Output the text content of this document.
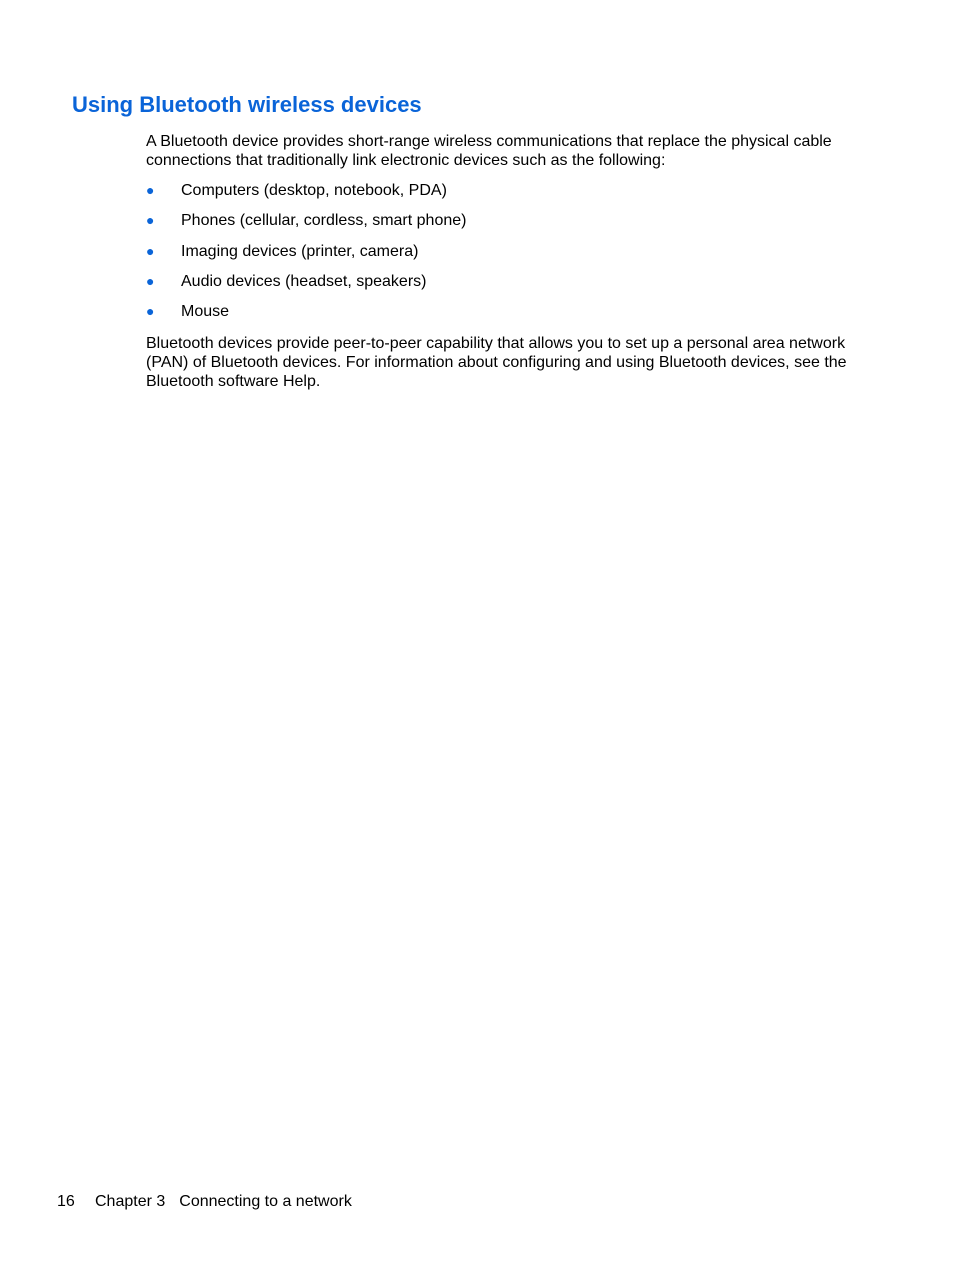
Using Bluetooth wireless devices

A Bluetooth device provides short-range wireless communications that replace the physical cable connections that traditionally link electronic devices such as the following:

● Computers (desktop, notebook, PDA)
● Phones (cellular, cordless, smart phone)
● Imaging devices (printer, camera)
● Audio devices (headset, speakers)
● Mouse

Bluetooth devices provide peer-to-peer capability that allows you to set up a personal area network (PAN) of Bluetooth devices. For information about configuring and using Bluetooth devices, see the Bluetooth software Help.

16 Chapter 3 Connecting to a network
